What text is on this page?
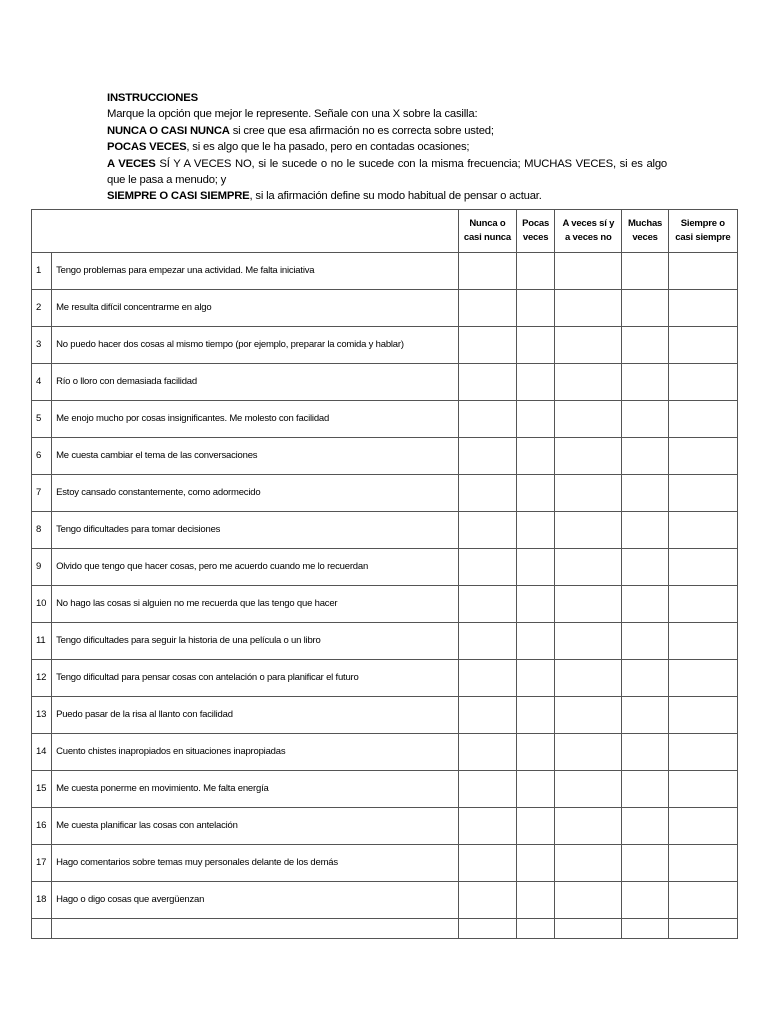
INSTRUCCIONES
Marque la opción que mejor le represente. Señale con una X sobre la casilla:
NUNCA O CASI NUNCA si cree que esa afirmación no es correcta sobre usted;
POCAS VECES, si es algo que le ha pasado, pero en contadas ocasiones;
A VECES SÍ Y A VECES NO, si le sucede o no le sucede con la misma frecuencia; MUCHAS VECES, si es algo que le pasa a menudo; y
SIEMPRE O CASI SIEMPRE, si la afirmación define su modo habitual de pensar o actuar.
		Nunca o casi nunca	Pocas veces	A veces sí y a veces no	Muchas veces	Siempre o casi siempre
1	Tengo problemas para empezar una actividad. Me falta iniciativa					
2	Me resulta difícil concentrarme en algo					
3	No puedo hacer dos cosas al mismo tiempo (por ejemplo, preparar la comida y hablar)					
4	Río o lloro con demasiada facilidad					
5	Me enojo mucho por cosas insignificantes. Me molesto con facilidad					
6	Me cuesta cambiar el tema de las conversaciones					
7	Estoy cansado constantemente, como adormecido					
8	Tengo dificultades para tomar decisiones					
9	Olvido que tengo que hacer cosas, pero me acuerdo cuando me lo recuerdan					
10	No hago las cosas si alguien no me recuerda que las tengo que hacer					
11	Tengo dificultades para seguir la historia de una película o un libro					
12	Tengo dificultad para pensar cosas con antelación o para planificar el futuro					
13	Puedo pasar de la risa al llanto con facilidad					
14	Cuento chistes inapropiados en situaciones inapropiadas					
15	Me cuesta ponerme en movimiento. Me falta energía					
16	Me cuesta planificar las cosas con antelación					
17	Hago comentarios sobre temas muy personales delante de los demás					
18	Hago o digo cosas que avergüenzan					
